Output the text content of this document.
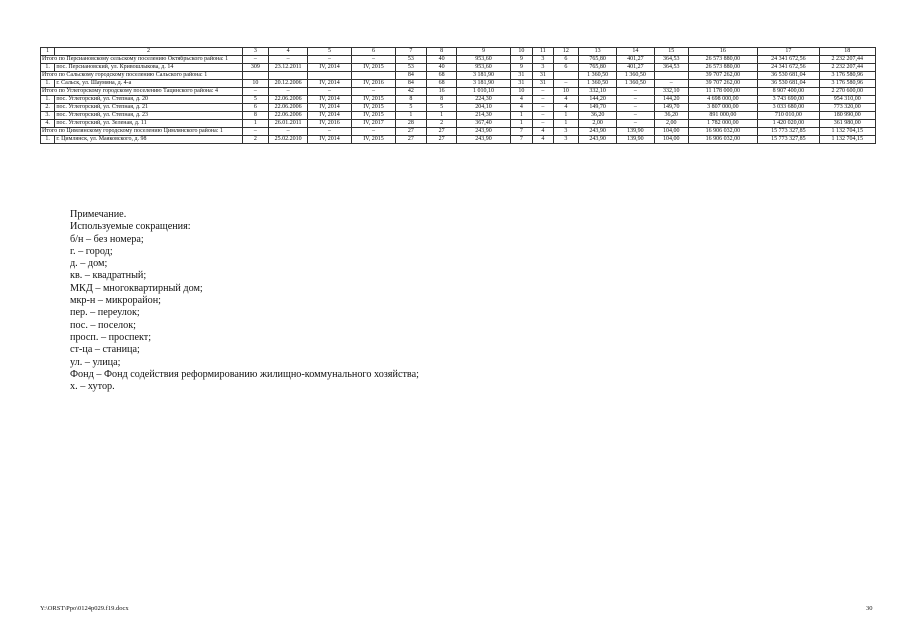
1	2	3	4	5	6	7	8	9	10	11	12	13	14	15	16	17	18
Итого по Персиановскому сельскому поселению Октябрьского района: 1		–	–	–	–	53	40	953,60	9	3	6	765,80	401,27	364,53	26 573 880,00	24 341 672,56	2 232 207,44
1.	пос. Персиановский, ул. Кривошлыкова, д. 14	309	23.12.2011	IV, 2014	IV, 2015	53	40	953,60	9	3	6	765,80	401,27	364,53	26 573 880,00	24 341 672,56	2 232 207,44
Итого по Сальскому городскому поселению Сальского района: 1						84	68	3 181,90	31	31		1 360,50	1 360,50		39 707 262,00	36 530 681,04	3 176 580,96
1.	г. Сальск, ул. Шаумяна, д. 4-а	10	20.12.2006	IV, 2014	IV, 2016	84	68	3 181,90	31	31	–	1 360,50	1 360,50	–	39 707 262,00	36 530 681,04	3 176 580,96
Итого по Углегорскому городскому поселению Тацинского района: 4		–	–	–	–	42	16	1 010,10	10	–	10	332,10	–	332,10	11 178 000,00	8 907 400,00	2 270 600,00
1.	пос. Углегорский, ул. Степная, д. 20	5	22.06.2006	IV, 2014	IV, 2015	8	8	224,30	4	–	4	144,20	–	144,20	4 698 000,00	3 743 690,00	954 310,00
2.	пос. Углегорский, ул. Степная, д. 21	6	22.06.2006	IV, 2014	IV, 2015	5	5	204,10	4	–	4	149,70	–	149,70	3 807 000,00	3 033 680,00	773 320,00
3.	пос. Углегорский, ул. Степная, д. 23	8	22.06.2006	IV, 2014	IV, 2015	1	1	214,30	1	–	1	36,20	–	36,20	891 000,00	710 010,00	180 990,00
4.	пос. Углегорский, ул. Зеленая, д. 11	1	26.01.2011	IV, 2016	IV, 2017	28	2	367,40	1	–	1	2,00	–	2,00	1 782 000,00	1 420 020,00	361 980,00
Итого по Цимлянскому городскому поселению Цимлянского района: 1		–	–	–	–	27	27	243,90	7	4	3	243,90	139,90	104,00	16 906 032,00	15 773 327,85	1 132 704,15
1.	г. Цимлянск, ул. Маяковского, д. 98	2	25.02.2010	IV, 2014	IV, 2015	27	27	243,90	7	4	3	243,90	139,90	104,00	16 906 032,00	15 773 327,85	1 132 704,15
Примечание.
Используемые сокращения:
б/н – без номера;
г. – город;
д. – дом;
кв. – квадратный;
МКД – многоквартирный дом;
мкр-н – микрорайон;
пер. – переулок;
пос. – поселок;
просп. – проспект;
ст-ца – станица;
ул. – улица;
Фонд – Фонд содействия реформированию жилищно-коммунального хозяйства;
х. – хутор.
Y:\ORST\Ppo\0124p029.f19.docx	30
